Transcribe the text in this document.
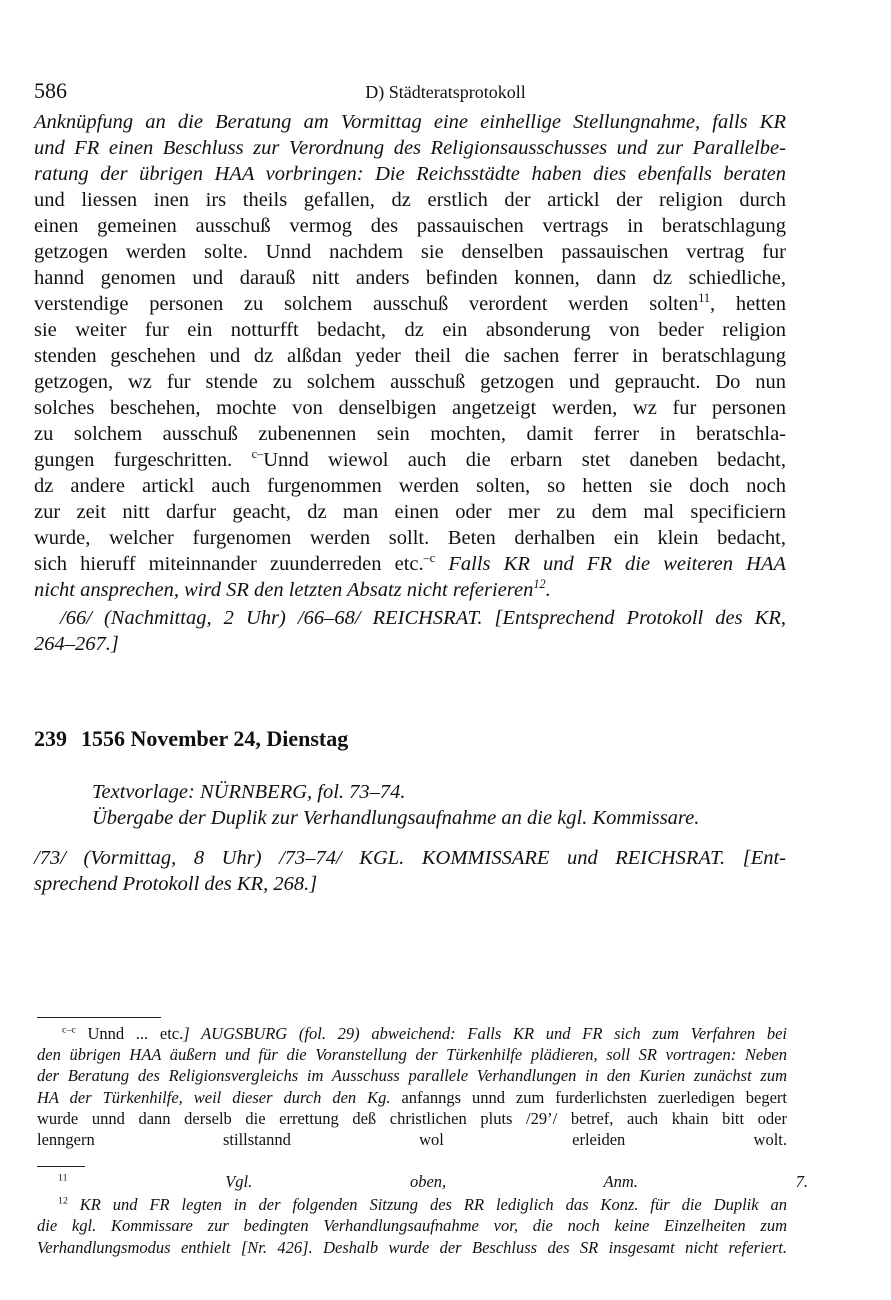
586	D) Städteratsprotokoll
Anknüpfung an die Beratung am Vormittag eine einhellige Stellungnahme, falls KR
und FR einen Beschluss zur Verordnung des Religionsausschusses und zur Parallelbe-
ratung der übrigen HAA vorbringen: Die Reichsstädte haben dies ebenfalls beraten
und liessen inen irs theils gefallen, dz erstlich der artickl der religion durch
einen gemeinen ausschuß vermog des passauischen vertrags in beratschlagung
getzogen werden solte. Unnd nachdem sie denselben passauischen vertrag fur
hannd genomen und darauß nitt anders befinden konnen, dann dz schiedliche,
verstendige personen zu solchem ausschuß verordent werden solten$^{11}$, hetten
sie weiter fur ein notturfft bedacht, dz ein absonderung von beder religion
stenden geschehen und dz alßdan yeder theil die sachen ferrer in beratschlagung
getzogen, wz fur stende zu solchem ausschuß getzogen und gepraucht. Do nun
solches beschehen, mochte von denselbigen angetzeigt werden, wz fur personen
zu solchem ausschuß zubenennen sein mochten, damit ferrer in beratschla-
gungen furgeschritten. $^{c-}$Unnd wiewol auch die erbarn stet daneben bedacht,
dz andere artickl auch furgenommen werden solten, so hetten sie doch noch
zur zeit nitt darfur geacht, dz man einen oder mer zu dem mal specificiern
wurde, welcher furgenomen werden sollt. Beten derhalben ein klein bedacht,
sich hieruff miteinnander zuunderreden etc.$^{-c}$ Falls KR und FR die weiteren HAA
nicht ansprechen, wird SR den letzten Absatz nicht referieren$^{12}$.
/66/ (Nachmittag, 2 Uhr) /66–68/ REICHSRAT. [Entsprechend Protokoll des KR,
264–267.]
239 1556 November 24, Dienstag
Textvorlage: NÜRNBERG, fol. 73–74.
Übergabe der Duplik zur Verhandlungsaufnahme an die kgl. Kommissare.
/73/ (Vormittag, 8 Uhr) /73–74/ KGL. KOMMISSARE und REICHSRAT. [Ent-
sprechend Protokoll des KR, 268.]
$^{c-c}$ Unnd ... etc.] AUGSBURG (fol. 29) abweichend: Falls KR und FR sich zum Verfahren bei
den übrigen HAA äußern und für die Voranstellung der Türkenhilfe plädieren, soll SR vortragen: Neben
der Beratung des Religionsvergleichs im Ausschuss parallele Verhandlungen in den Kurien zunächst zum
HA der Türkenhilfe, weil dieser durch den Kg. anfanngs unnd zum furderlichsten zuerledigen begert
wurde unnd dann derselb die errettung deß christlichen pluts /29’/ betref, auch khain bitt oder
lenngern stillstannd wol erleiden wolt.
$^{11}$	Vgl. oben, Anm. 7.
$^{12}$ KR und FR legten in der folgenden Sitzung des RR lediglich das Konz. für die Duplik an
die kgl. Kommissare zur bedingten Verhandlungsaufnahme vor, die noch keine Einzelheiten zum
Verhandlungsmodus enthielt [Nr. 426]. Deshalb wurde der Beschluss des SR insgesamt nicht referiert.
